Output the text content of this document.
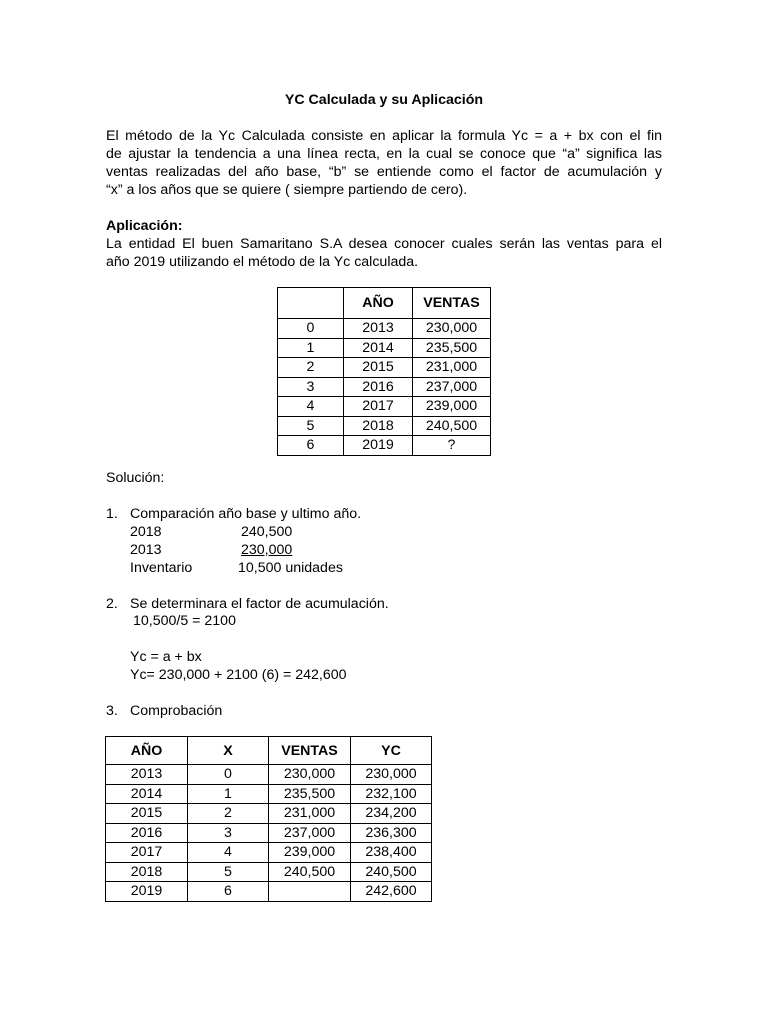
YC Calculada y su Aplicación
El método de la Yc Calculada consiste en aplicar la formula Yc = a + bx con el fin
de ajustar la tendencia a una línea recta, en la cual se conoce que “a” significa las
ventas realizadas del año base, “b” se entiende como el factor de acumulación y
“x” a los años que se quiere ( siempre partiendo de cero).
Aplicación:
La entidad El buen Samaritano S.A desea conocer cuales serán las ventas para el
año 2019 utilizando el método de la Yc calculada.
	AÑO	VENTAS
0	2013	230,000
1	2014	235,500
2	2015	231,000
3	2016	237,000
4	2017	239,000
5	2018	240,500
6	2019	?
Solución:
1. Comparación año base y ultimo año.
2018	240,500
2013	230,000
Inventario	10,500 unidades
2. Se determinara el factor de acumulación.
10,500/5 = 2100
Yc = a + bx
Yc= 230,000 + 2100 (6) = 242,600
3. Comprobación
AÑO	X	VENTAS	YC
2013	0	230,000	230,000
2014	1	235,500	232,100
2015	2	231,000	234,200
2016	3	237,000	236,300
2017	4	239,000	238,400
2018	5	240,500	240,500
2019	6		242,600
